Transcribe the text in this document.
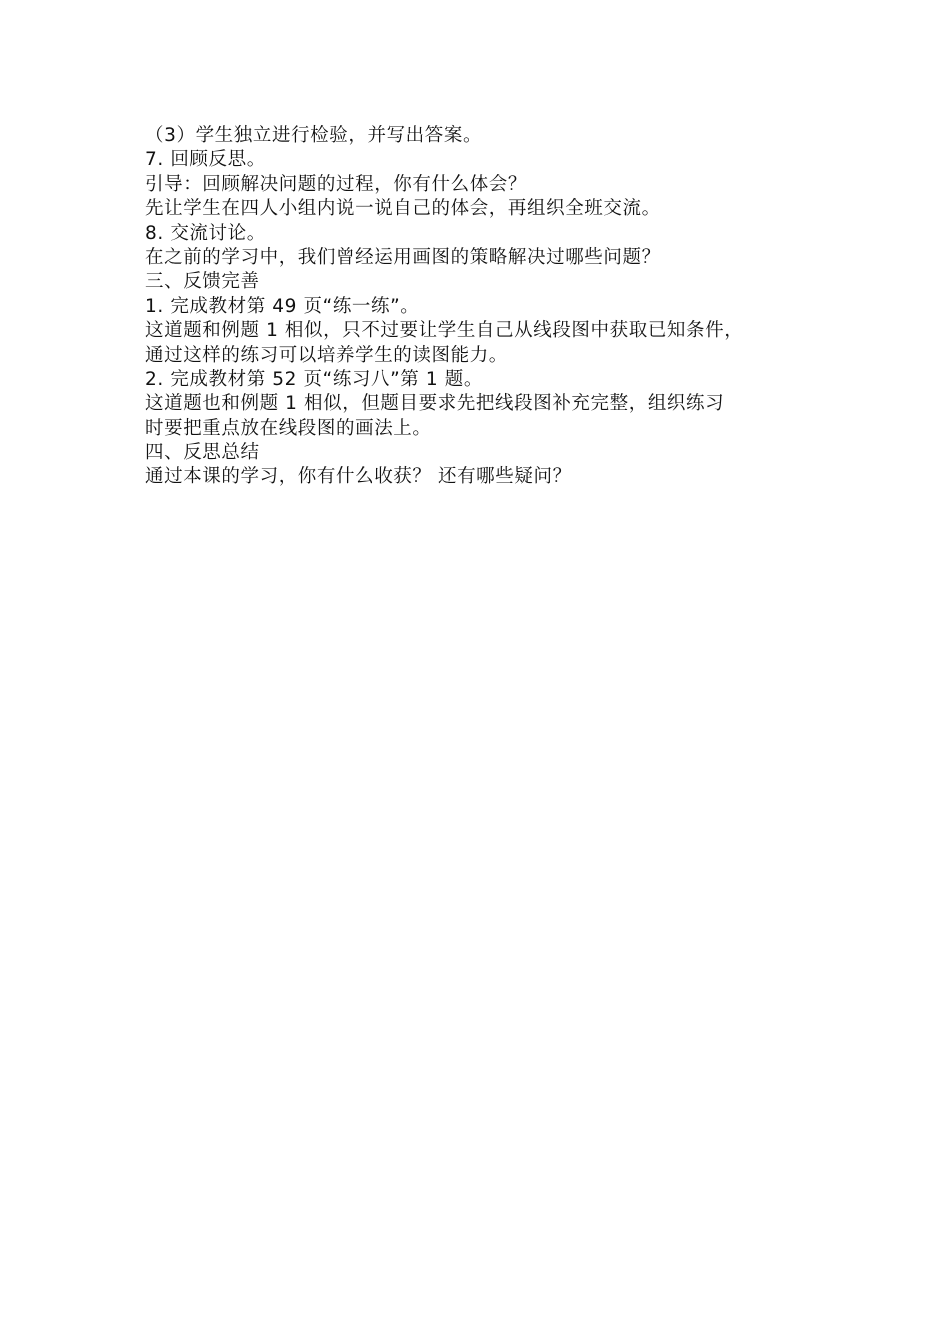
（3）学生独立进行检验，并写出答案。
7. 回顾反思。
引导：回顾解决问题的过程，你有什么体会？
先让学生在四人小组内说一说自己的体会，再组织全班交流。
8. 交流讨论。
在之前的学习中，我们曾经运用画图的策略解决过哪些问题？
三、反馈完善
1. 完成教材第 49 页“练一练”。
这道题和例题 1 相似，只不过要让学生自己从线段图中获取已知条件，
通过这样的练习可以培养学生的读图能力。
2. 完成教材第 52 页“练习八”第 1 题。
这道题也和例题 1 相似，但题目要求先把线段图补充完整，组织练习
时要把重点放在线段图的画法上。
四、反思总结
通过本课的学习，你有什么收获？ 还有哪些疑问？
